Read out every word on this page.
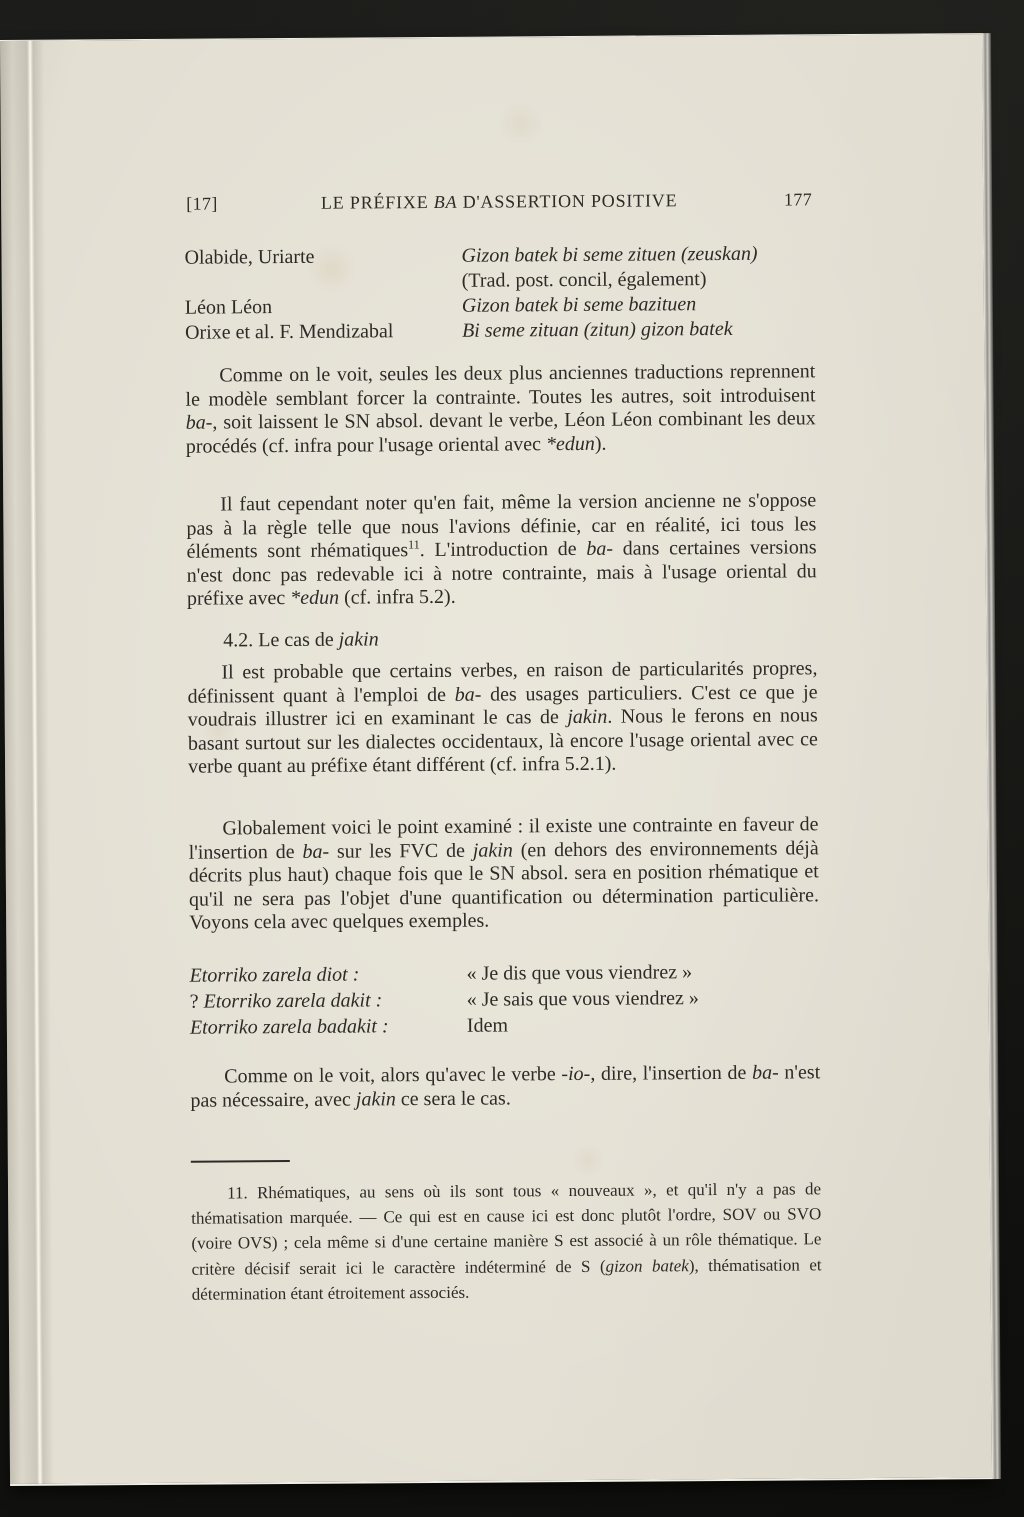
[17]	LE PRÉFIXE BA D'ASSERTION POSITIVE	177
Olabide, Uriarte	Gizon batek bi seme zituen (zeuskan)
(Trad. post. concil, également)
Léon Léon	Gizon batek bi seme bazituen
Orixe et al. F. Mendizabal	Bi seme zituan (zitun) gizon batek

Comme on le voit, seules les deux plus anciennes traductions reprennent le modèle semblant forcer la contrainte. Toutes les autres, soit introduisent ba-, soit laissent le SN absol. devant le verbe, Léon Léon combinant les deux procédés (cf. infra pour l'usage oriental avec *edun).

Il faut cependant noter qu'en fait, même la version ancienne ne s'oppose pas à la règle telle que nous l'avions définie, car en réalité, ici tous les éléments sont rhématiques$^{11}$. L'introduction de ba- dans certaines versions n'est donc pas redevable ici à notre contrainte, mais à l'usage oriental du préfixe avec *edun (cf. infra 5.2).

4.2. Le cas de jakin

Il est probable que certains verbes, en raison de particularités propres, définissent quant à l'emploi de ba- des usages particuliers. C'est ce que je voudrais illustrer ici en examinant le cas de jakin. Nous le ferons en nous basant surtout sur les dialectes occidentaux, là encore l'usage oriental avec ce verbe quant au préfixe étant différent (cf. infra 5.2.1).

Globalement voici le point examiné : il existe une contrainte en faveur de l'insertion de ba- sur les FVC de jakin (en dehors des environnements déjà décrits plus haut) chaque fois que le SN absol. sera en position rhématique et qu'il ne sera pas l'objet d'une quantification ou détermination particulière. Voyons cela avec quelques exemples.

Etorriko zarela diot :	« Je dis que vous viendrez »
? Etorriko zarela dakit :	« Je sais que vous viendrez »
Etorriko zarela badakit :	Idem

Comme on le voit, alors qu'avec le verbe -io-, dire, l'insertion de ba- n'est pas nécessaire, avec jakin ce sera le cas.

11. Rhématiques, au sens où ils sont tous « nouveaux », et qu'il n'y a pas de thématisation marquée. — Ce qui est en cause ici est donc plutôt l'ordre, SOV ou SVO (voire OVS) ; cela même si d'une certaine manière S est associé à un rôle thématique. Le critère décisif serait ici le caractère indéterminé de S (gizon batek), thématisation et détermination étant étroitement associés.
